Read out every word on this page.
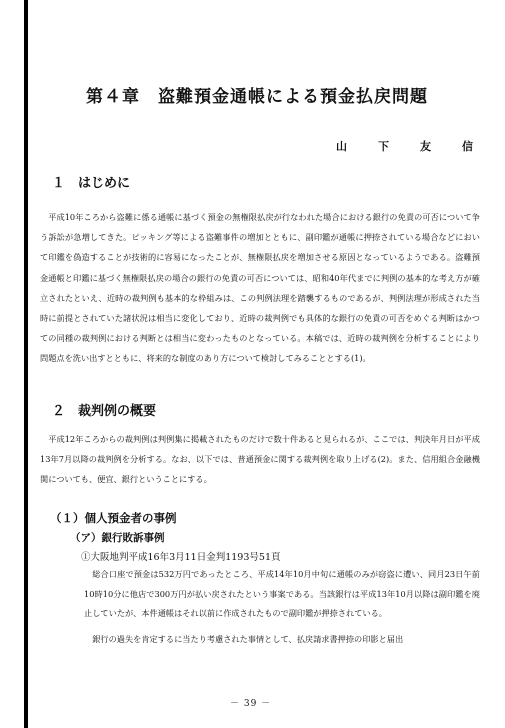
第４章　盗難預金通帳による預金払戻問題
山　下　友　信
１　はじめに
平成10年ころから盗難に係る通帳に基づく預金の無権限払戻が行なわれた場合における銀行の免責の可否について争う訴訟が急増してきた。ピッキング等による盗難事件の増加とともに、副印鑑が通帳に押捺されている場合などにおいて印鑑を偽造することが技術的に容易になったことが、無権限払戻を増加させる原因となっているようである。盗難預金通帳と印鑑に基づく無権限払戻の場合の銀行の免責の可否については、昭和40年代までに判例の基本的な考え方が確立されたといえ、近時の裁判例も基本的な枠組みは、この判例法理を踏襲するものであるが、判例法理が形成された当時に前提とされていた諸状況は相当に変化しており、近時の裁判例でも具体的な銀行の免責の可否をめぐる判断はかつての同種の裁判例における判断とは相当に変わったものとなっている。本稿では、近時の裁判例を分析することにより問題点を洗い出すとともに、将来的な制度のあり方について検討してみることとする(1)。
２　裁判例の概要
平成12年ころからの裁判例は判例集に掲載されたものだけで数十件あると見られるが、ここでは、判決年月日が平成13年7月以降の裁判例を分析する。なお、以下では、普通預金に関する裁判例を取り上げる(2)。また、信用組合金融機関についても、便宜、銀行ということにする。
（１）個人預金者の事例
（ア）銀行敗訴事例
①大阪地判平成16年3月11日金判1193号51頁
総合口座で預金は532万円であったところ、平成14年10月中旬に通帳のみが窃盗に遭い、同月23日午前10時10分に他店で300万円が払い戻されたという事案である。当該銀行は平成13年10月以降は副印鑑を廃止していたが、本件通帳はそれ以前に作成されたもので副印鑑が押捺されている。
銀行の過失を肯定するに当たり考慮された事情として、払戻請求書押捺の印影と届出
－ 39 －
